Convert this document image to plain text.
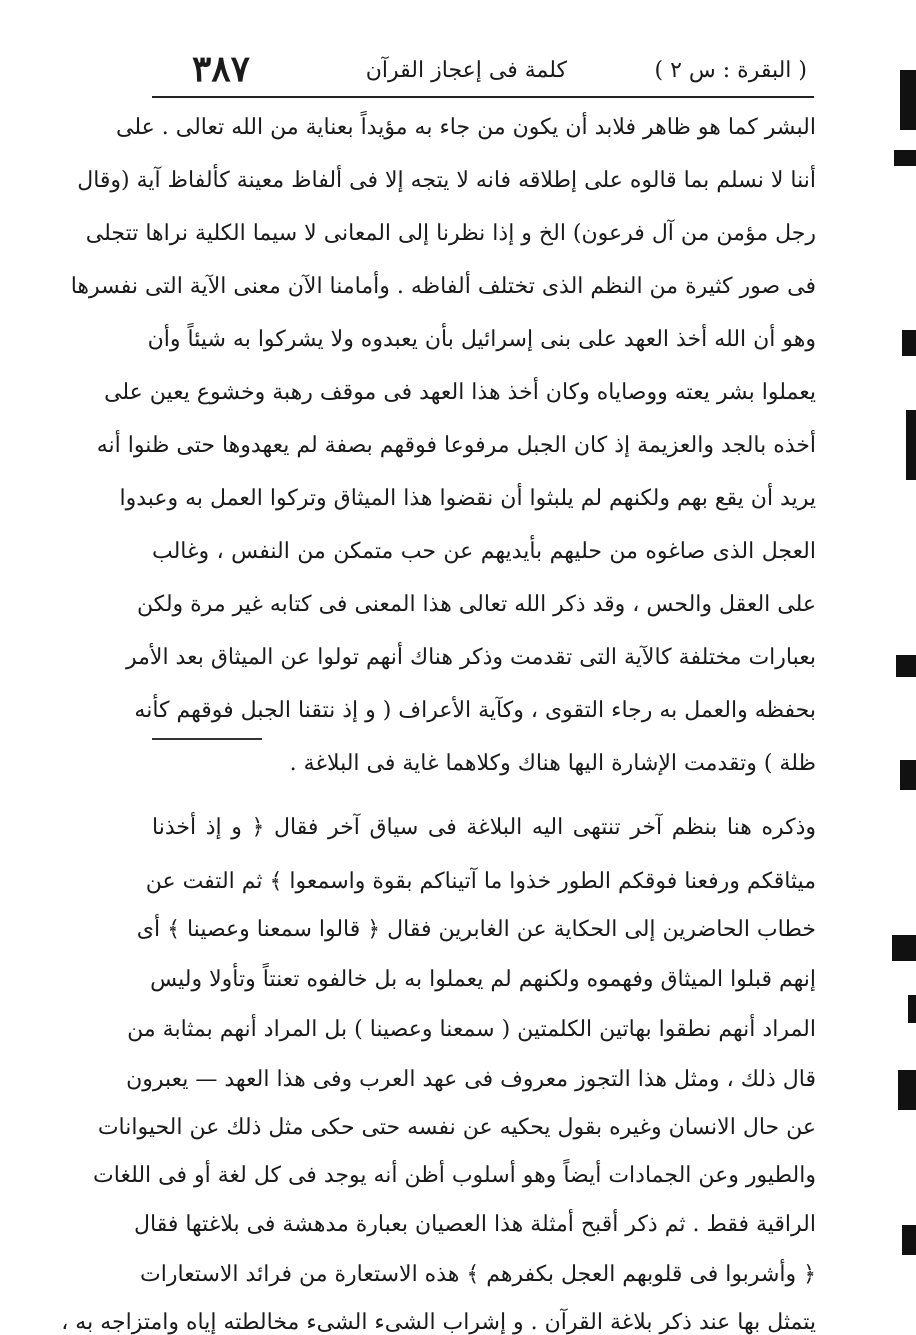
( البقرة : س ٢ )
كلمة فى إعجاز القرآن
٣٨٧
البشر كما هو ظاهر فلابد أن يكون من جاء به مؤيداً بعناية من الله تعالى . على
أننا لا نسلم بما قالوه على إطلاقه فانه لا يتجه إلا فى ألفاظ معينة كألفاظ آية (وقال
رجل مؤمن من آل فرعون) الخ و إذا نظرنا إلى المعانى لا سيما الكلية نراها تتجلى
فى صور كثيرة من النظم الذى تختلف ألفاظه . وأمامنا الآن معنى الآية التى نفسرها
وهو أن الله أخذ العهد على بنى إسرائيل بأن يعبدوه ولا يشركوا به شيئاً وأن
يعملوا بشر يعته ووصاياه وكان أخذ هذا العهد فى موقف رهبة وخشوع يعين على
أخذه بالجد والعزيمة إذ كان الجبل مرفوعا فوقهم بصفة لم يعهدوها حتى ظنوا أنه
يريد أن يقع بهم ولكنهم لم يلبثوا أن نقضوا هذا الميثاق وتركوا العمل به وعبدوا
العجل الذى صاغوه من حليهم بأيديهم عن حب متمكن من النفس ، وغالب
على العقل والحس ، وقد ذكر الله تعالى هذا المعنى فى كتابه غير مرة ولكن
بعبارات مختلفة كالآية التى تقدمت وذكر هناك أنهم تولوا عن الميثاق بعد الأمر
بحفظه والعمل به رجاء التقوى ، وكآية الأعراف ( و إذ نتقنا الجبل فوقهم كأنه
ظلة ) وتقدمت الإشارة اليها هناك وكلاهما غاية فى البلاغة .
وذكره هنا بنظم آخر تنتهى اليه البلاغة فى سياق آخر فقال ﴿ و إذ أخذنا
ميثاقكم ورفعنا فوقكم الطور خذوا ما آتيناكم بقوة واسمعوا ﴾ ثم التفت عن
خطاب الحاضرين إلى الحكاية عن الغابرين فقال ﴿ قالوا سمعنا وعصينا ﴾ أى
إنهم قبلوا الميثاق وفهموه ولكنهم لم يعملوا به بل خالفوه تعنتاً وتأولا وليس
المراد أنهم نطقوا بهاتين الكلمتين ( سمعنا وعصينا ) بل المراد أنهم بمثابة من
قال ذلك ، ومثل هذا التجوز معروف فى عهد العرب وفى هذا العهد — يعبرون
عن حال الانسان وغيره بقول يحكيه عن نفسه حتى حكى مثل ذلك عن الحيوانات
والطيور وعن الجمادات أيضاً وهو أسلوب أظن أنه يوجد فى كل لغة أو فى اللغات
الراقية فقط . ثم ذكر أقبح أمثلة هذا العصيان بعبارة مدهشة فى بلاغتها فقال
﴿ وأشربوا فى قلوبهم العجل بكفرهم ﴾ هذه الاستعارة من فرائد الاستعارات
يتمثل بها عند ذكر بلاغة القرآن . و إشراب الشىء الشىء مخالطته إياه وامتزاجه به ،
